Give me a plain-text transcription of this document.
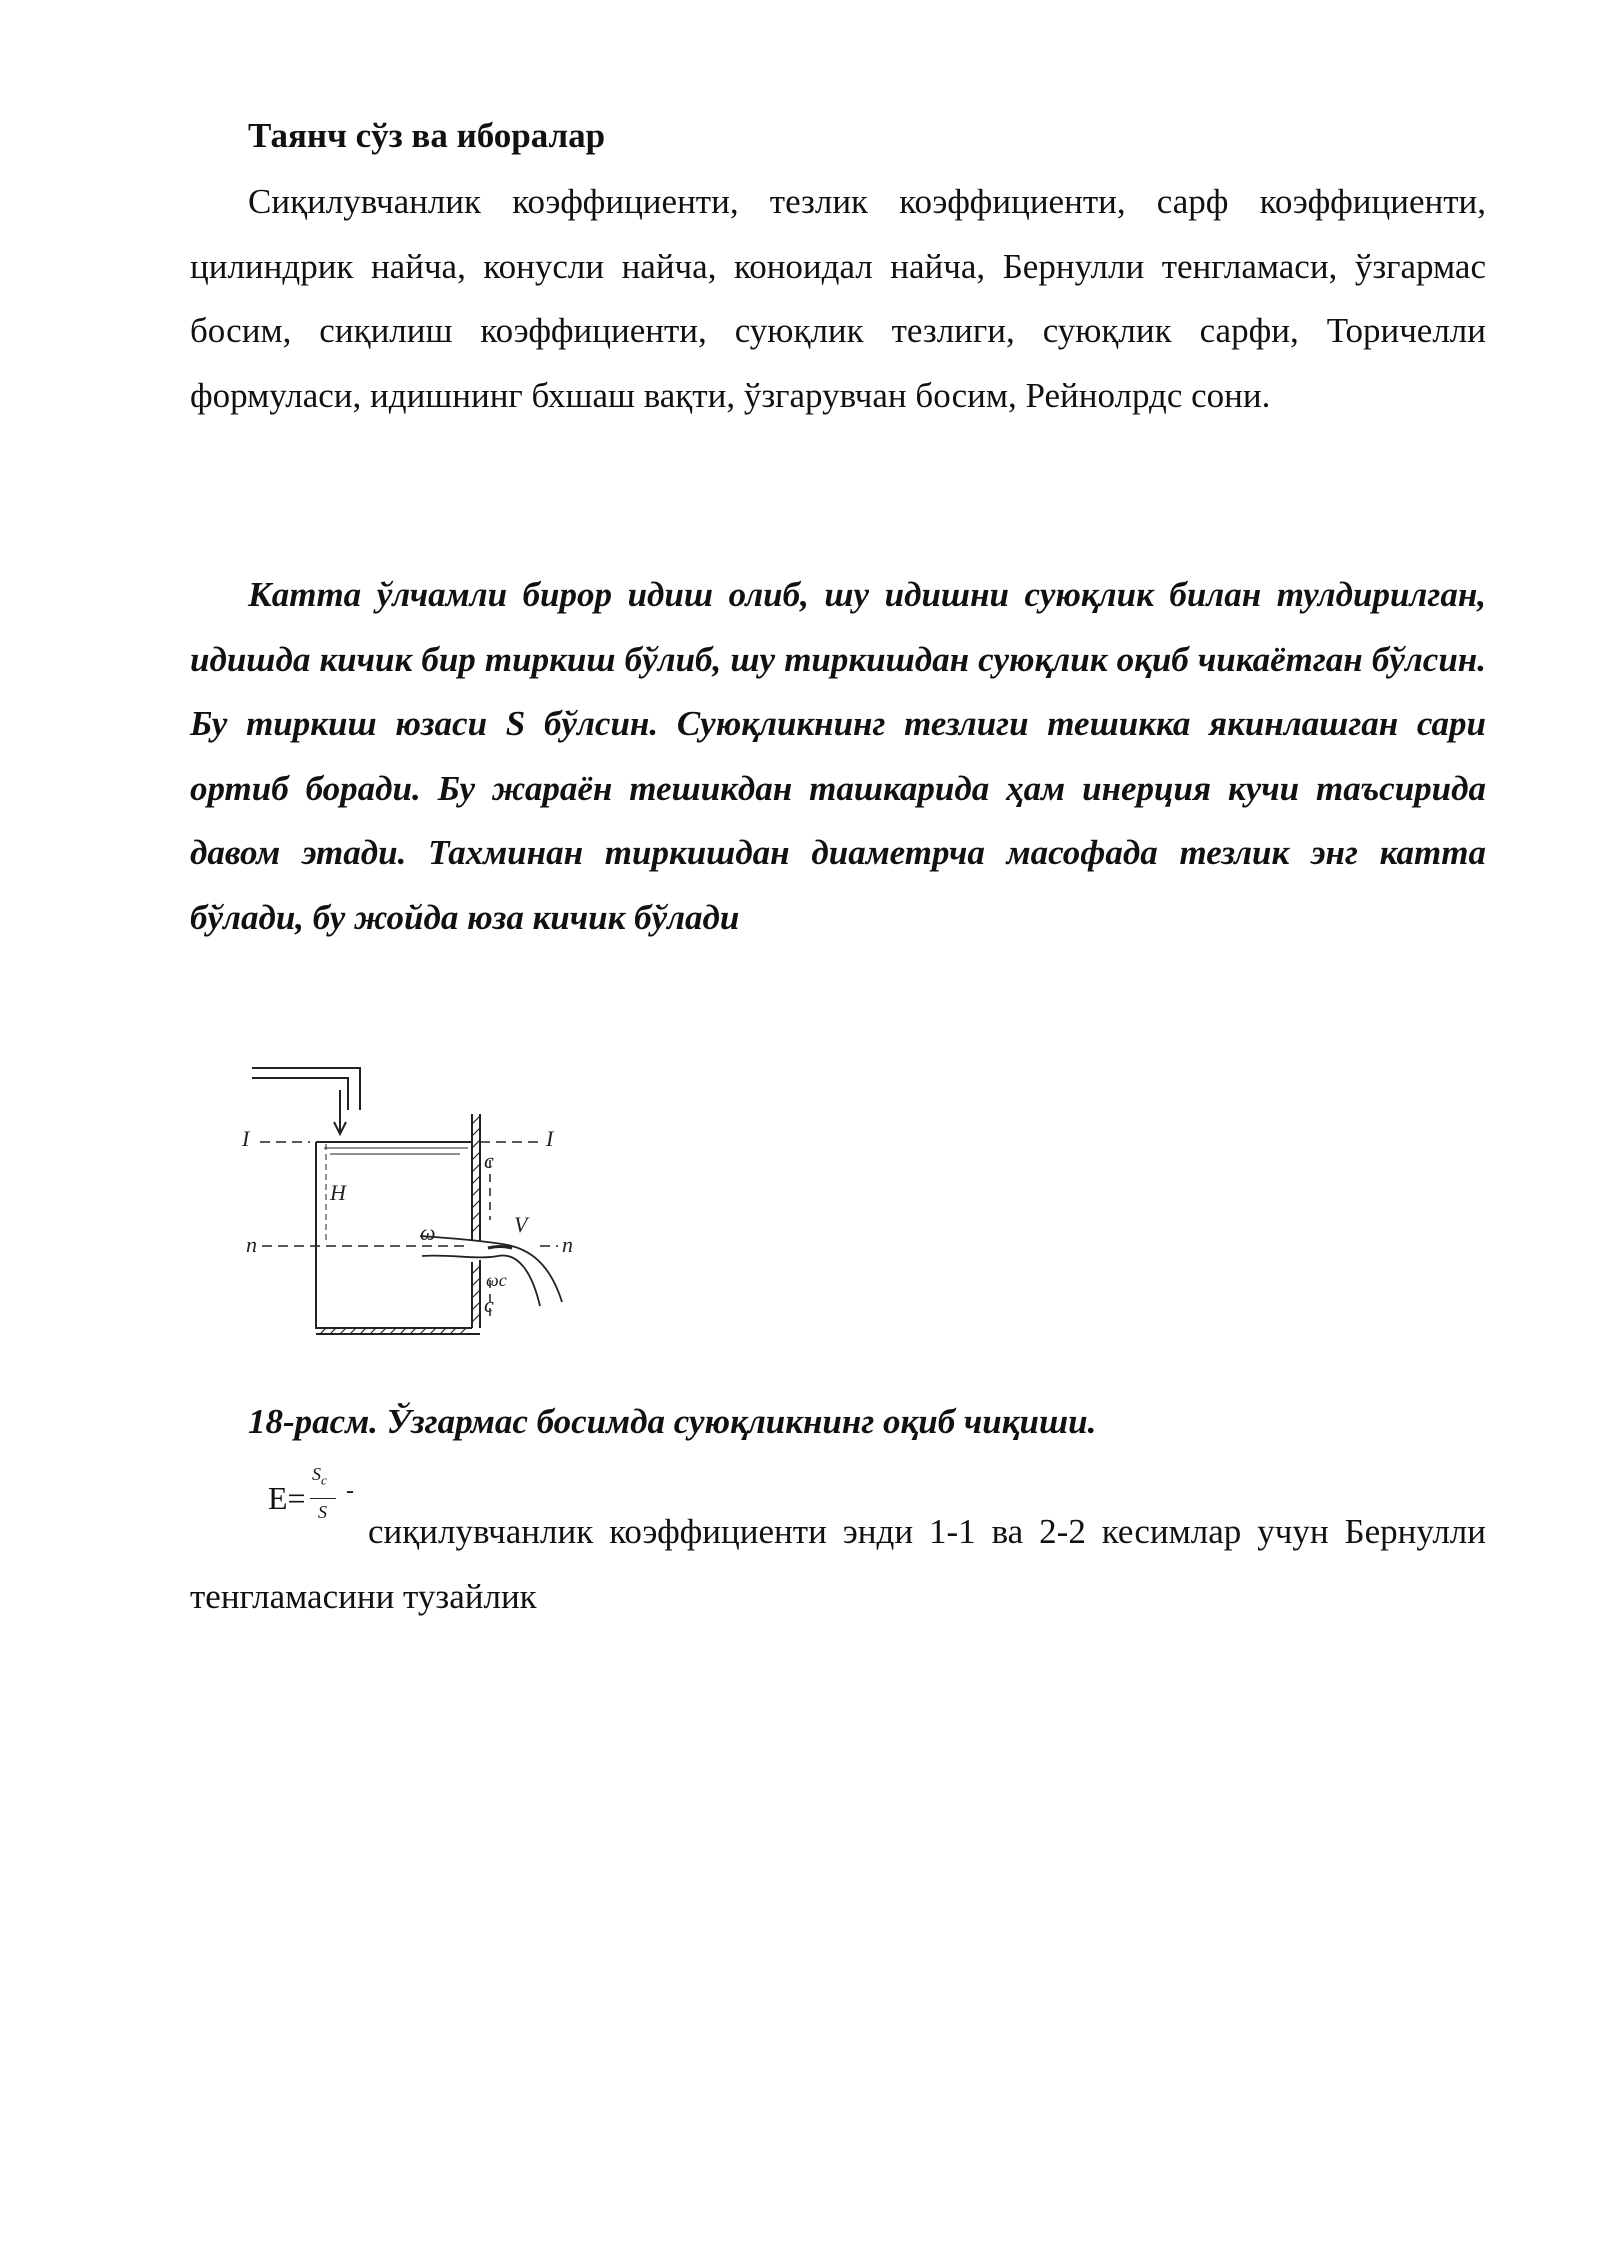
Таянч сўз ва иборалар

Сиқилувчанлик коэффициенти, тезлик коэффициенти, сарф коэффициенти, цилиндрик найча, конусли найча, коноидал найча, Бернулли тенгламаси, ўзгармас босим, сиқилиш коэффициенти, суюқлик тезлиги, суюқлик сарфи, Торичелли формуласи, идишнинг бхшаш вақти, ўзгарувчан босим, Рейнолрдс сони.

Катта ўлчамли бирор идиш олиб, шу идишни суюқлик билан тулдирилган, идишда кичик бир тиркиш бўлиб, шу тиркишдан суюқлик оқиб чикаётган бўлсин. Бу тиркиш юзаси S бўлсин. Суюқликнинг тезлиги тешикка якинлашган сари ортиб боради. Бу жараён тешикдан ташкарида ҳам инерция кучи таъсирида давом этади. Тахминан тиркишдан диаметрча масофада тезлик энг катта бўлади, бу жойда юза кичик бўлади

I	I
n	n
H
c
c
ω
ωc
V

18-расм. Ўзгармас босимда суюқликнинг оқиб чиқиши.

E=
$S_c$
S
-

сиқилувчанлик коэффициенти энди 1-1 ва 2-2 кесимлар учун Бернулли тенгламасини тузайлик
